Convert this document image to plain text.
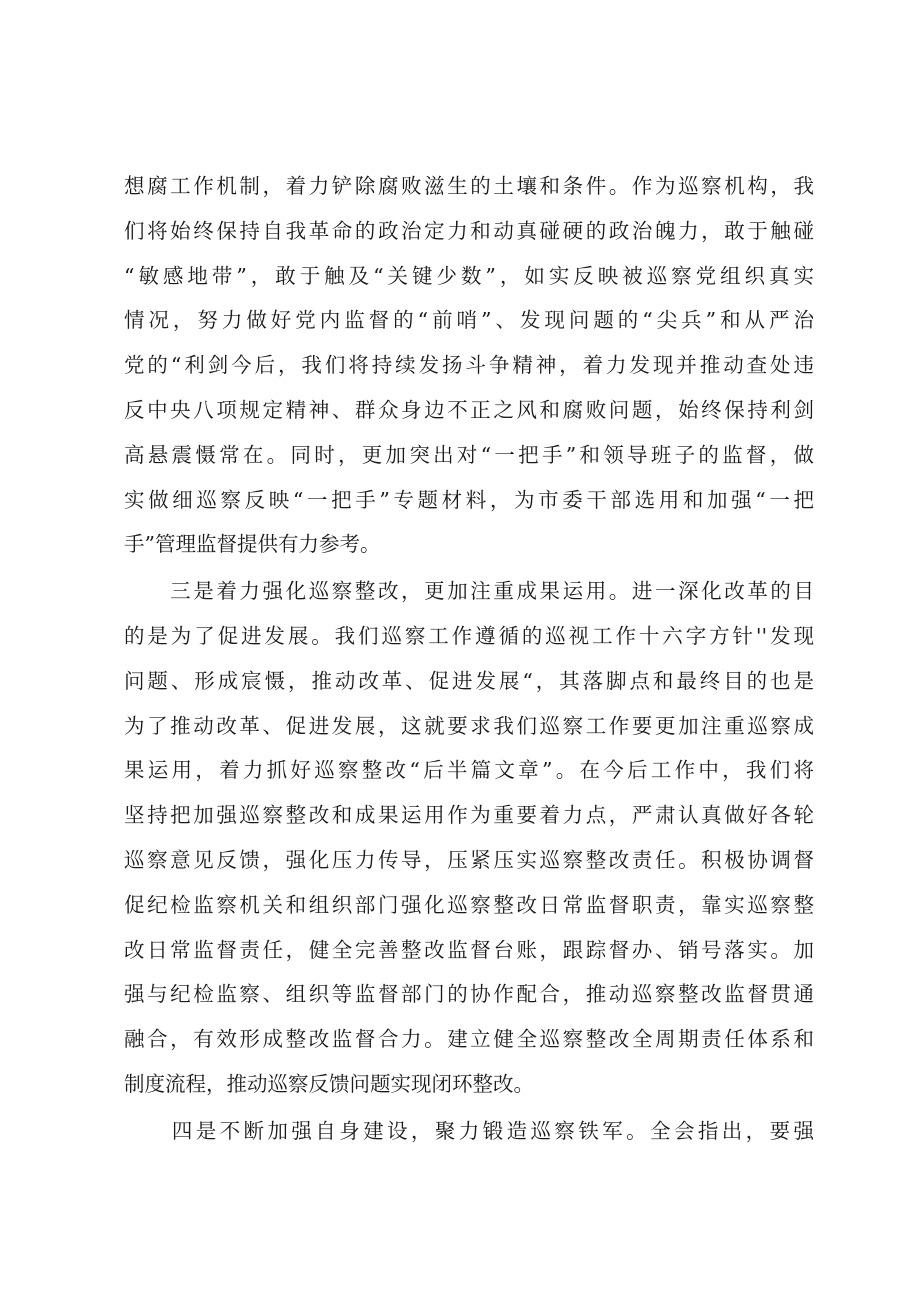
想腐工作机制，着力铲除腐败滋生的土壤和条件。作为巡察机构，我
们将始终保持自我革命的政治定力和动真碰硬的政治魄力，敢于触碰
“敏感地带”，敢于触及“关键少数”，如实反映被巡察党组织真实
情况，努力做好党内监督的“前哨”、发现问题的“尖兵”和从严治
党的“利剑今后，我们将持续发扬斗争精神，着力发现并推动查处违
反中央八项规定精神、群众身边不正之风和腐败问题，始终保持利剑
高悬震慑常在。同时，更加突出对“一把手”和领导班子的监督，做
实做细巡察反映“一把手”专题材料，为市委干部选用和加强“一把
手”管理监督提供有力参考。

　　三是着力强化巡察整改，更加注重成果运用。进一深化改革的目
的是为了促进发展。我们巡察工作遵循的巡视工作十六字方针''发现
问题、形成宸慑，推动改革、促进发展“，其落脚点和最终目的也是
为了推动改革、促进发展，这就要求我们巡察工作要更加注重巡察成
果运用，着力抓好巡察整改“后半篇文章”。在今后工作中，我们将
坚持把加强巡察整改和成果运用作为重要着力点，严肃认真做好各轮
巡察意见反馈，强化压力传导，压紧压实巡察整改责任。积极协调督
促纪检监察机关和组织部门强化巡察整改日常监督职责，靠实巡察整
改日常监督责任，健全完善整改监督台账，跟踪督办、销号落实。加
强与纪检监察、组织等监督部门的协作配合，推动巡察整改监督贯通
融合，有效形成整改监督合力。建立健全巡察整改全周期责任体系和
制度流程，推动巡察反馈问题实现闭环整改。

　　四是不断加强自身建设，聚力锻造巡察铁军。全会指出，要强
